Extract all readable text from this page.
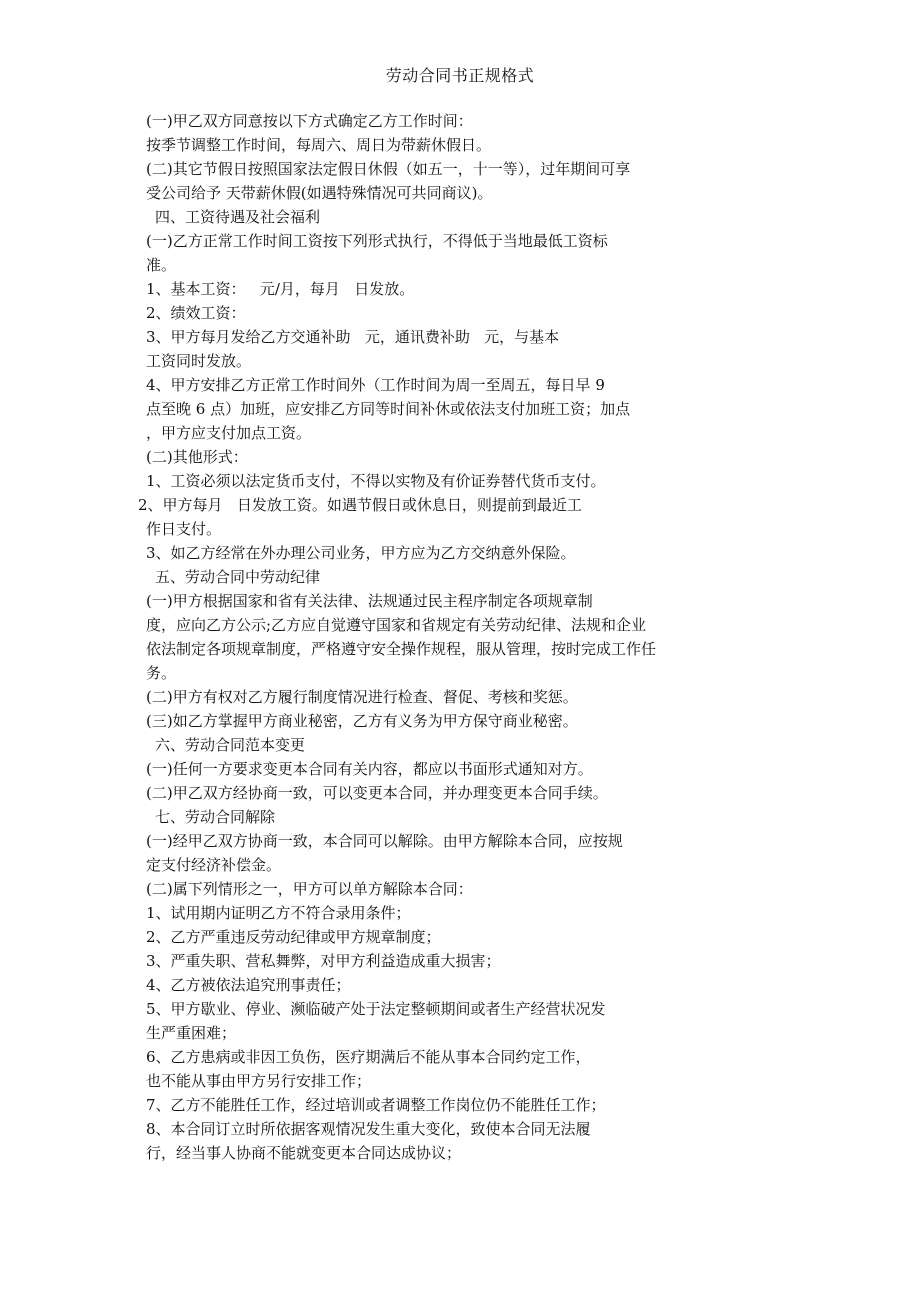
劳动合同书正规格式
(一)甲乙双方同意按以下方式确定乙方工作时间：
按季节调整工作时间，每周六、周日为带薪休假日。
(二)其它节假日按照国家法定假日休假（如五一，十一等），过年期间可享
受公司给予 天带薪休假(如遇特殊情况可共同商议)。
四、工资待遇及社会福利
(一)乙方正常工作时间工资按下列形式执行，不得低于当地最低工资标
准。
1、基本工资：   元/月，每月   日发放。
2、绩效工资：
3、甲方每月发给乙方交通补助   元，通讯费补助   元，与基本
工资同时发放。
4、甲方安排乙方正常工作时间外（工作时间为周一至周五，每日早 9
点至晚 6 点）加班，应安排乙方同等时间补休或依法支付加班工资；加点
，甲方应支付加点工资。
(二)其他形式：
1、工资必须以法定货币支付，不得以实物及有价证券替代货币支付。
2、甲方每月   日发放工资。如遇节假日或休息日，则提前到最近工
作日支付。
3、如乙方经常在外办理公司业务，甲方应为乙方交纳意外保险。
五、劳动合同中劳动纪律
(一)甲方根据国家和省有关法律、法规通过民主程序制定各项规章制
度，应向乙方公示;乙方应自觉遵守国家和省规定有关劳动纪律、法规和企业
依法制定各项规章制度，严格遵守安全操作规程，服从管理，按时完成工作任
务。
(二)甲方有权对乙方履行制度情况进行检查、督促、考核和奖惩。
(三)如乙方掌握甲方商业秘密，乙方有义务为甲方保守商业秘密。
六、劳动合同范本变更
(一)任何一方要求变更本合同有关内容，都应以书面形式通知对方。
(二)甲乙双方经协商一致，可以变更本合同，并办理变更本合同手续。
七、劳动合同解除
(一)经甲乙双方协商一致，本合同可以解除。由甲方解除本合同，应按规
定支付经济补偿金。
(二)属下列情形之一，甲方可以单方解除本合同：
1、试用期内证明乙方不符合录用条件；
2、乙方严重违反劳动纪律或甲方规章制度；
3、严重失职、营私舞弊，对甲方利益造成重大损害；
4、乙方被依法追究刑事责任；
5、甲方歇业、停业、濒临破产处于法定整顿期间或者生产经营状况发
生严重困难；
6、乙方患病或非因工负伤，医疗期满后不能从事本合同约定工作，
也不能从事由甲方另行安排工作；
7、乙方不能胜任工作，经过培训或者调整工作岗位仍不能胜任工作；
8、本合同订立时所依据客观情况发生重大变化，致使本合同无法履
行，经当事人协商不能就变更本合同达成协议；
